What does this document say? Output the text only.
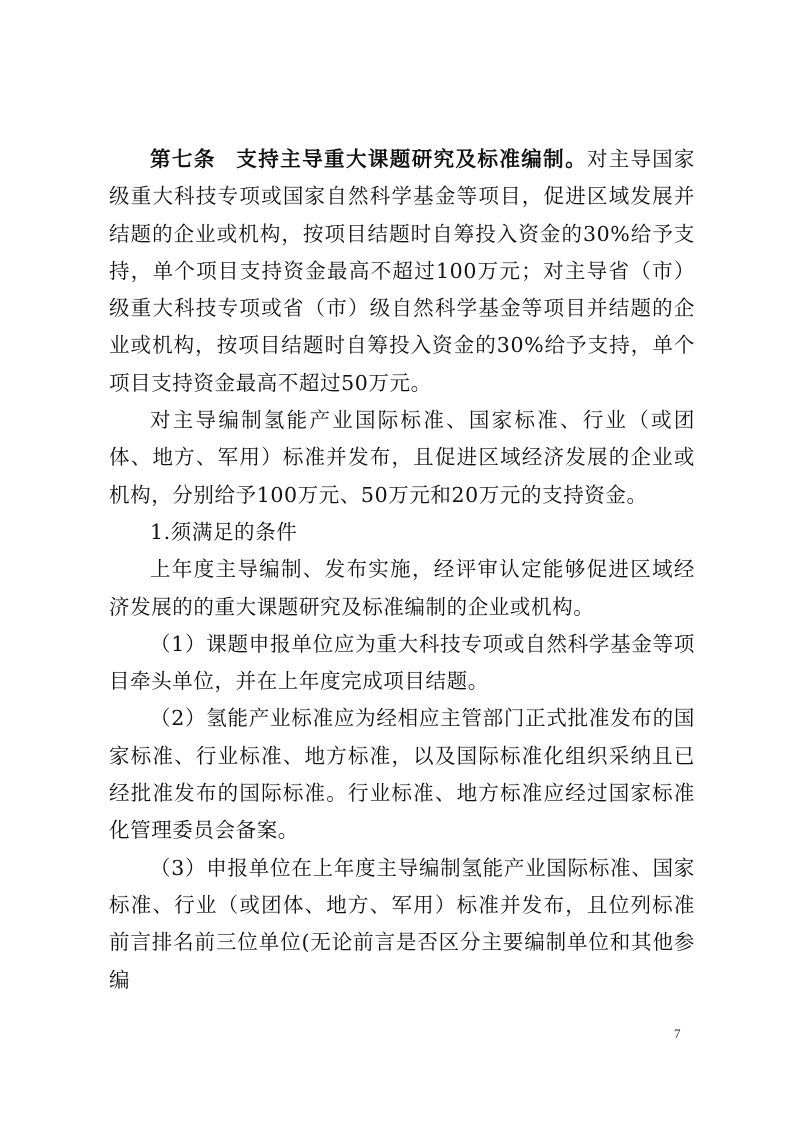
第七条 支持主导重大课题研究及标准编制。对主导国家级重大科技专项或国家自然科学基金等项目，促进区域发展并结题的企业或机构，按项目结题时自筹投入资金的30%给予支持，单个项目支持资金最高不超过100万元；对主导省（市）级重大科技专项或省（市）级自然科学基金等项目并结题的企业或机构，按项目结题时自筹投入资金的30%给予支持，单个项目支持资金最高不超过50万元。

对主导编制氢能产业国际标准、国家标准、行业（或团体、地方、军用）标准并发布，且促进区域经济发展的企业或机构，分别给予100万元、50万元和20万元的支持资金。

1.须满足的条件

上年度主导编制、发布实施，经评审认定能够促进区域经济发展的的重大课题研究及标准编制的企业或机构。

（1）课题申报单位应为重大科技专项或自然科学基金等项目牵头单位，并在上年度完成项目结题。

（2）氢能产业标准应为经相应主管部门正式批准发布的国家标准、行业标准、地方标准，以及国际标准化组织采纳且已经批准发布的国际标准。行业标准、地方标准应经过国家标准化管理委员会备案。

（3）申报单位在上年度主导编制氢能产业国际标准、国家标准、行业（或团体、地方、军用）标准并发布，且位列标准前言排名前三位单位(无论前言是否区分主要编制单位和其他参编

7
